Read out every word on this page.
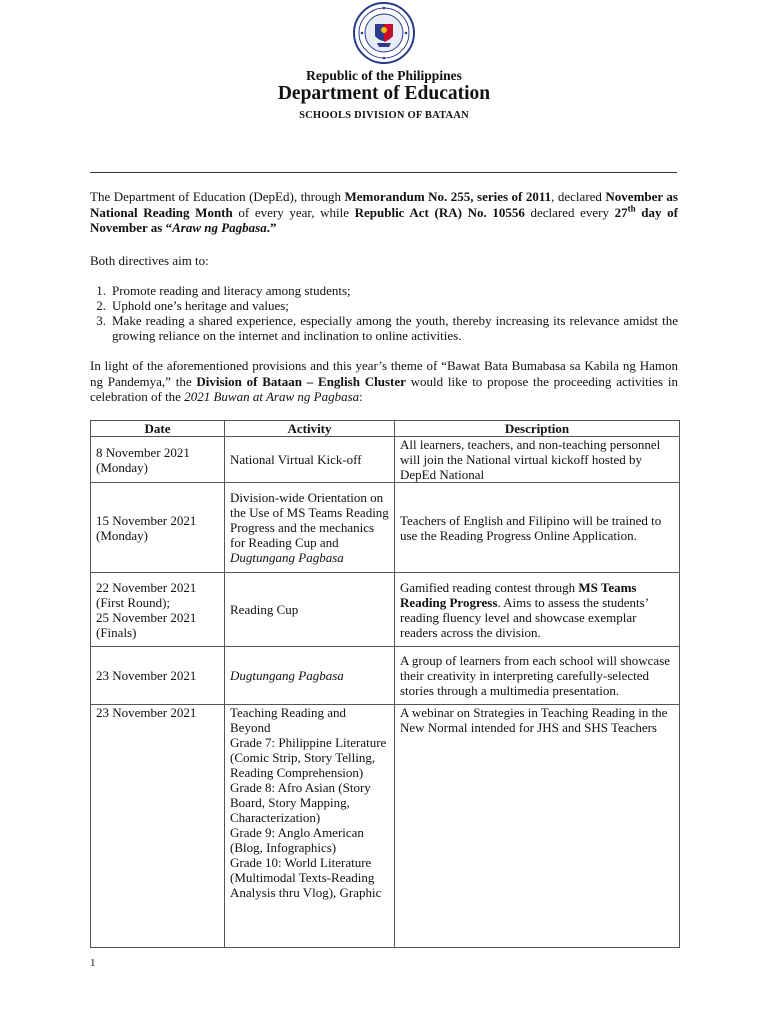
Republic of the Philippines
Department of Education
SCHOOLS DIVISION OF BATAAN

The Department of Education (DepEd), through Memorandum No. 255, series of 2011, declared November as National Reading Month of every year, while Republic Act (RA) No. 10556 declared every 27th day of November as “Araw ng Pagbasa.”

Both directives aim to:

1. Promote reading and literacy among students;
2. Uphold one’s heritage and values;
3. Make reading a shared experience, especially among the youth, thereby increasing its relevance amidst the growing reliance on the internet and inclination to online activities.

In light of the aforementioned provisions and this year’s theme of “Bawat Bata Bumabasa sa Kabila ng Hamon ng Pandemya,” the Division of Bataan – English Cluster would like to propose the proceeding activities in celebration of the 2021 Buwan at Araw ng Pagbasa:

Date	Activity	Description

8 November 2021
(Monday)	National Virtual Kick-off	All learners, teachers, and non-teaching personnel will join the National virtual kickoff hosted by DepEd National

15 November 2021
(Monday)	Division-wide Orientation on the Use of MS Teams Reading Progress and the mechanics for Reading Cup and Dugtungang Pagbasa	Teachers of English and Filipino will be trained to use the Reading Progress Online Application.

22 November 2021
(First Round);
25 November 2021
(Finals)	Reading Cup	Gamified reading contest through MS Teams Reading Progress. Aims to assess the students’ reading fluency level and showcase exemplar readers across the division.
23 November 2021	Dugtungang Pagbasa	A group of learners from each school will showcase their creativity in interpreting carefully-selected stories through a multimedia presentation.
23 November 2021	Teaching Reading and Beyond
Grade 7: Philippine Literature (Comic Strip, Story Telling, Reading Comprehension)
Grade 8: Afro Asian (Story Board, Story Mapping, Characterization)
Grade 9: Anglo American (Blog, Infographics)
Grade 10: World Literature (Multimodal Texts-Reading Analysis thru Vlog), Graphic	A webinar on Strategies in Teaching Reading in the New Normal intended for JHS and SHS Teachers
1
